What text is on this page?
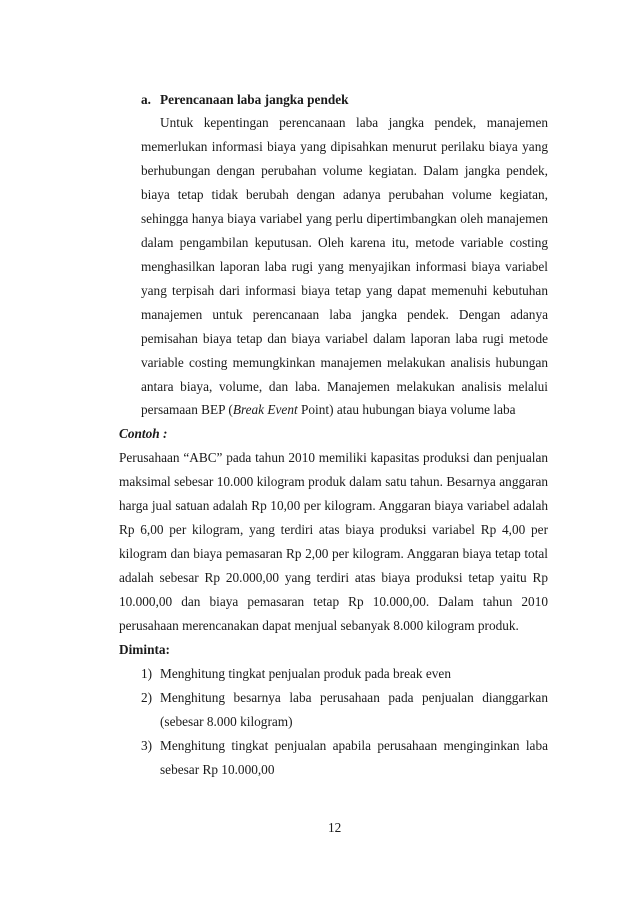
a. Perencanaan laba jangka pendek
Untuk kepentingan perencanaan laba jangka pendek, manajemen
memerlukan informasi biaya yang dipisahkan menurut perilaku biaya yang
berhubungan dengan perubahan volume kegiatan. Dalam jangka pendek,
biaya tetap tidak berubah dengan adanya perubahan volume kegiatan,
sehingga hanya biaya variabel yang perlu dipertimbangkan oleh manajemen
dalam pengambilan keputusan. Oleh karena itu, metode variable costing
menghasilkan laporan laba rugi yang menyajikan informasi biaya variabel
yang terpisah dari informasi biaya tetap yang dapat memenuhi kebutuhan
manajemen untuk perencanaan laba jangka pendek. Dengan adanya
pemisahan biaya tetap dan biaya variabel dalam laporan laba rugi metode
variable costing memungkinkan manajemen melakukan analisis hubungan
antara biaya, volume, dan laba. Manajemen melakukan analisis melalui
persamaan BEP (Break Event Point) atau hubungan biaya volume laba
Contoh :
Perusahaan “ABC” pada tahun 2010 memiliki kapasitas produksi dan penjualan
maksimal sebesar 10.000 kilogram produk dalam satu tahun. Besarnya anggaran
harga jual satuan adalah Rp 10,00 per kilogram. Anggaran biaya variabel adalah
Rp 6,00 per kilogram, yang terdiri atas biaya produksi variabel Rp 4,00 per
kilogram dan biaya pemasaran Rp 2,00 per kilogram. Anggaran biaya tetap total
adalah sebesar Rp 20.000,00 yang terdiri atas biaya produksi tetap yaitu Rp
10.000,00 dan biaya pemasaran tetap Rp 10.000,00. Dalam tahun 2010
perusahaan merencanakan dapat menjual sebanyak 8.000 kilogram produk.
Diminta:
1) Menghitung tingkat penjualan produk pada break even
2) Menghitung besarnya laba perusahaan pada penjualan dianggarkan
(sebesar 8.000 kilogram)
3) Menghitung tingkat penjualan apabila perusahaan menginginkan laba
sebesar Rp 10.000,00
12
